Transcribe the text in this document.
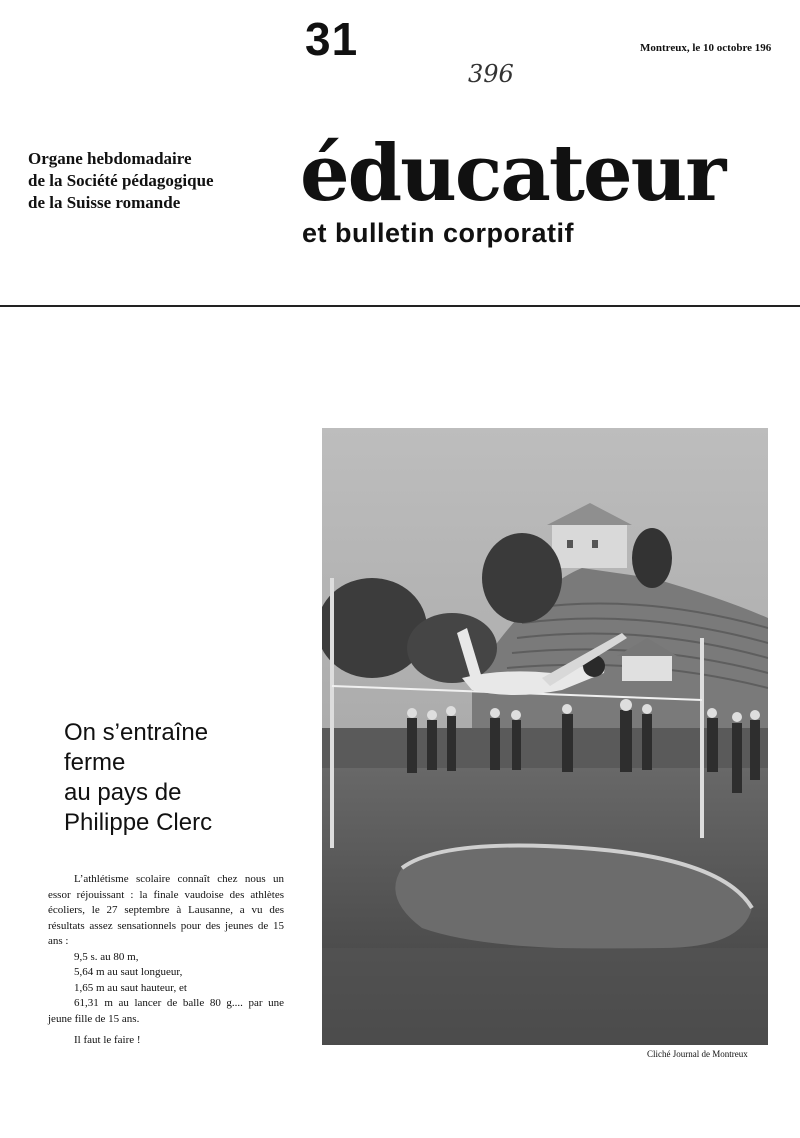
31	Montreux, le 10 octobre 196
396
Organe hebdomadaire
de la Société pédagogique
de la Suisse romande	éducateur
et bulletin corporatif
On s’entraîne
ferme
au pays de
Philippe Clerc

L’athlétisme scolaire connaît chez nous un essor réjouissant : la finale vaudoise des athlètes écoliers, le 27 septembre à Lausanne, a vu des résultats assez sensationnels pour des jeunes de 15 ans :

9,5 s. au 80 m,

5,64 m au saut longueur,

1,65 m au saut hauteur, et

61,31 m au lancer de balle 80 g.... par une jeune fille de 15 ans.

Il faut le faire !

Cliché Journal de Montreux
